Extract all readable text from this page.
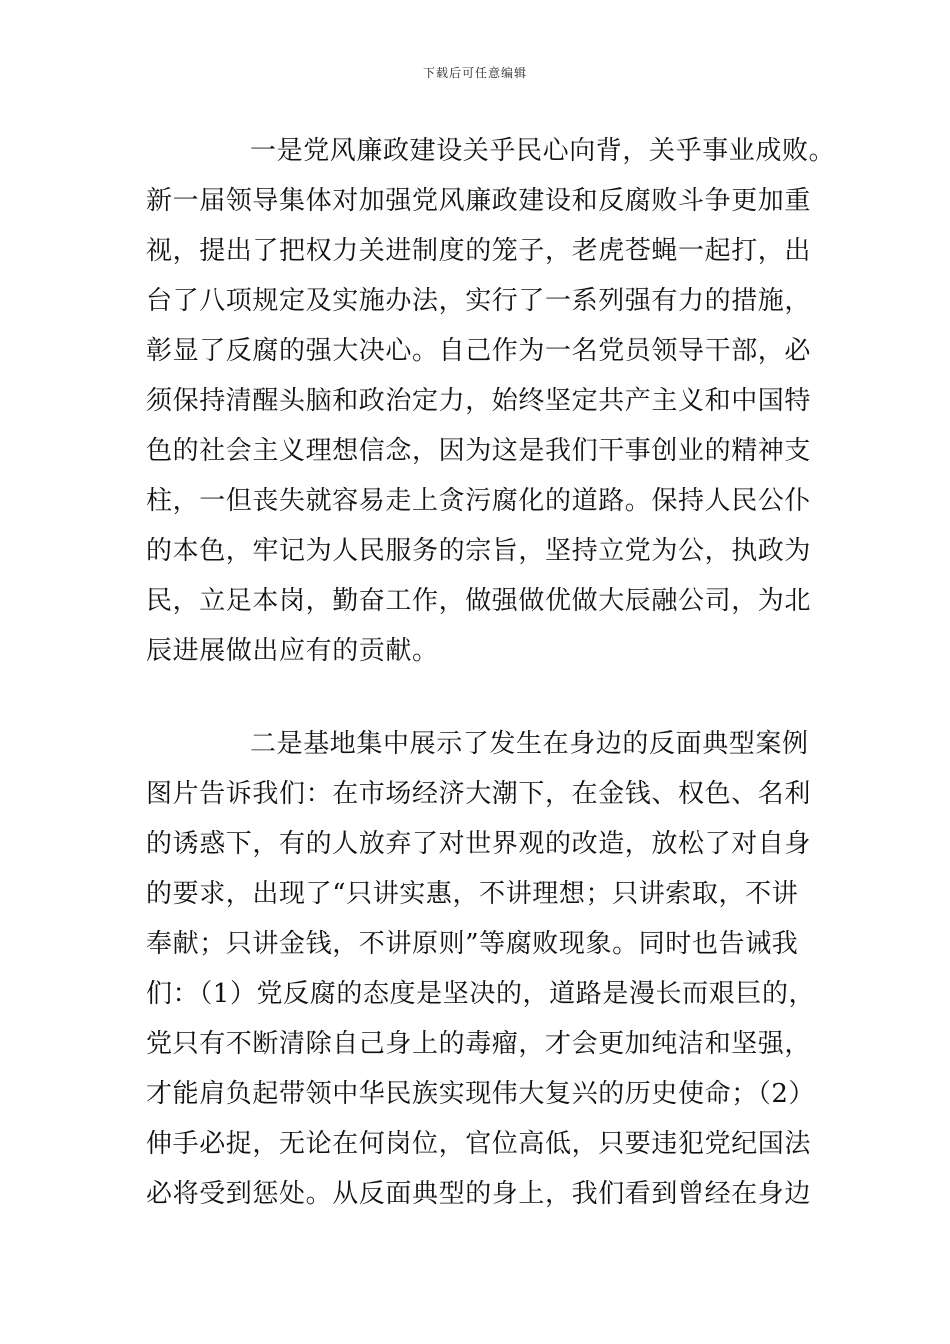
下载后可任意编辑
一是党风廉政建设关乎民心向背，关乎事业成败。
新一届领导集体对加强党风廉政建设和反腐败斗争更加重
视，提出了把权力关进制度的笼子，老虎苍蝇一起打，出
台了八项规定及实施办法，实行了一系列强有力的措施，
彰显了反腐的强大决心。自己作为一名党员领导干部，必
须保持清醒头脑和政治定力，始终坚定共产主义和中国特
色的社会主义理想信念，因为这是我们干事创业的精神支
柱，一但丧失就容易走上贪污腐化的道路。保持人民公仆
的本色，牢记为人民服务的宗旨，坚持立党为公，执政为
民，立足本岗，勤奋工作，做强做优做大辰融公司，为北
辰进展做出应有的贡献。
二是基地集中展示了发生在身边的反面典型案例
图片告诉我们：在市场经济大潮下，在金钱、权色、名利
的诱惑下，有的人放弃了对世界观的改造，放松了对自身
的要求，出现了“只讲实惠，不讲理想；只讲索取，不讲
奉献；只讲金钱，不讲原则”等腐败现象。同时也告诫我
们：（1）党反腐的态度是坚决的，道路是漫长而艰巨的，
党只有不断清除自己身上的毒瘤，才会更加纯洁和坚强，
才能肩负起带领中华民族实现伟大复兴的历史使命；（2）
伸手必捉，无论在何岗位，官位高低，只要违犯党纪国法
必将受到惩处。从反面典型的身上，我们看到曾经在身边
